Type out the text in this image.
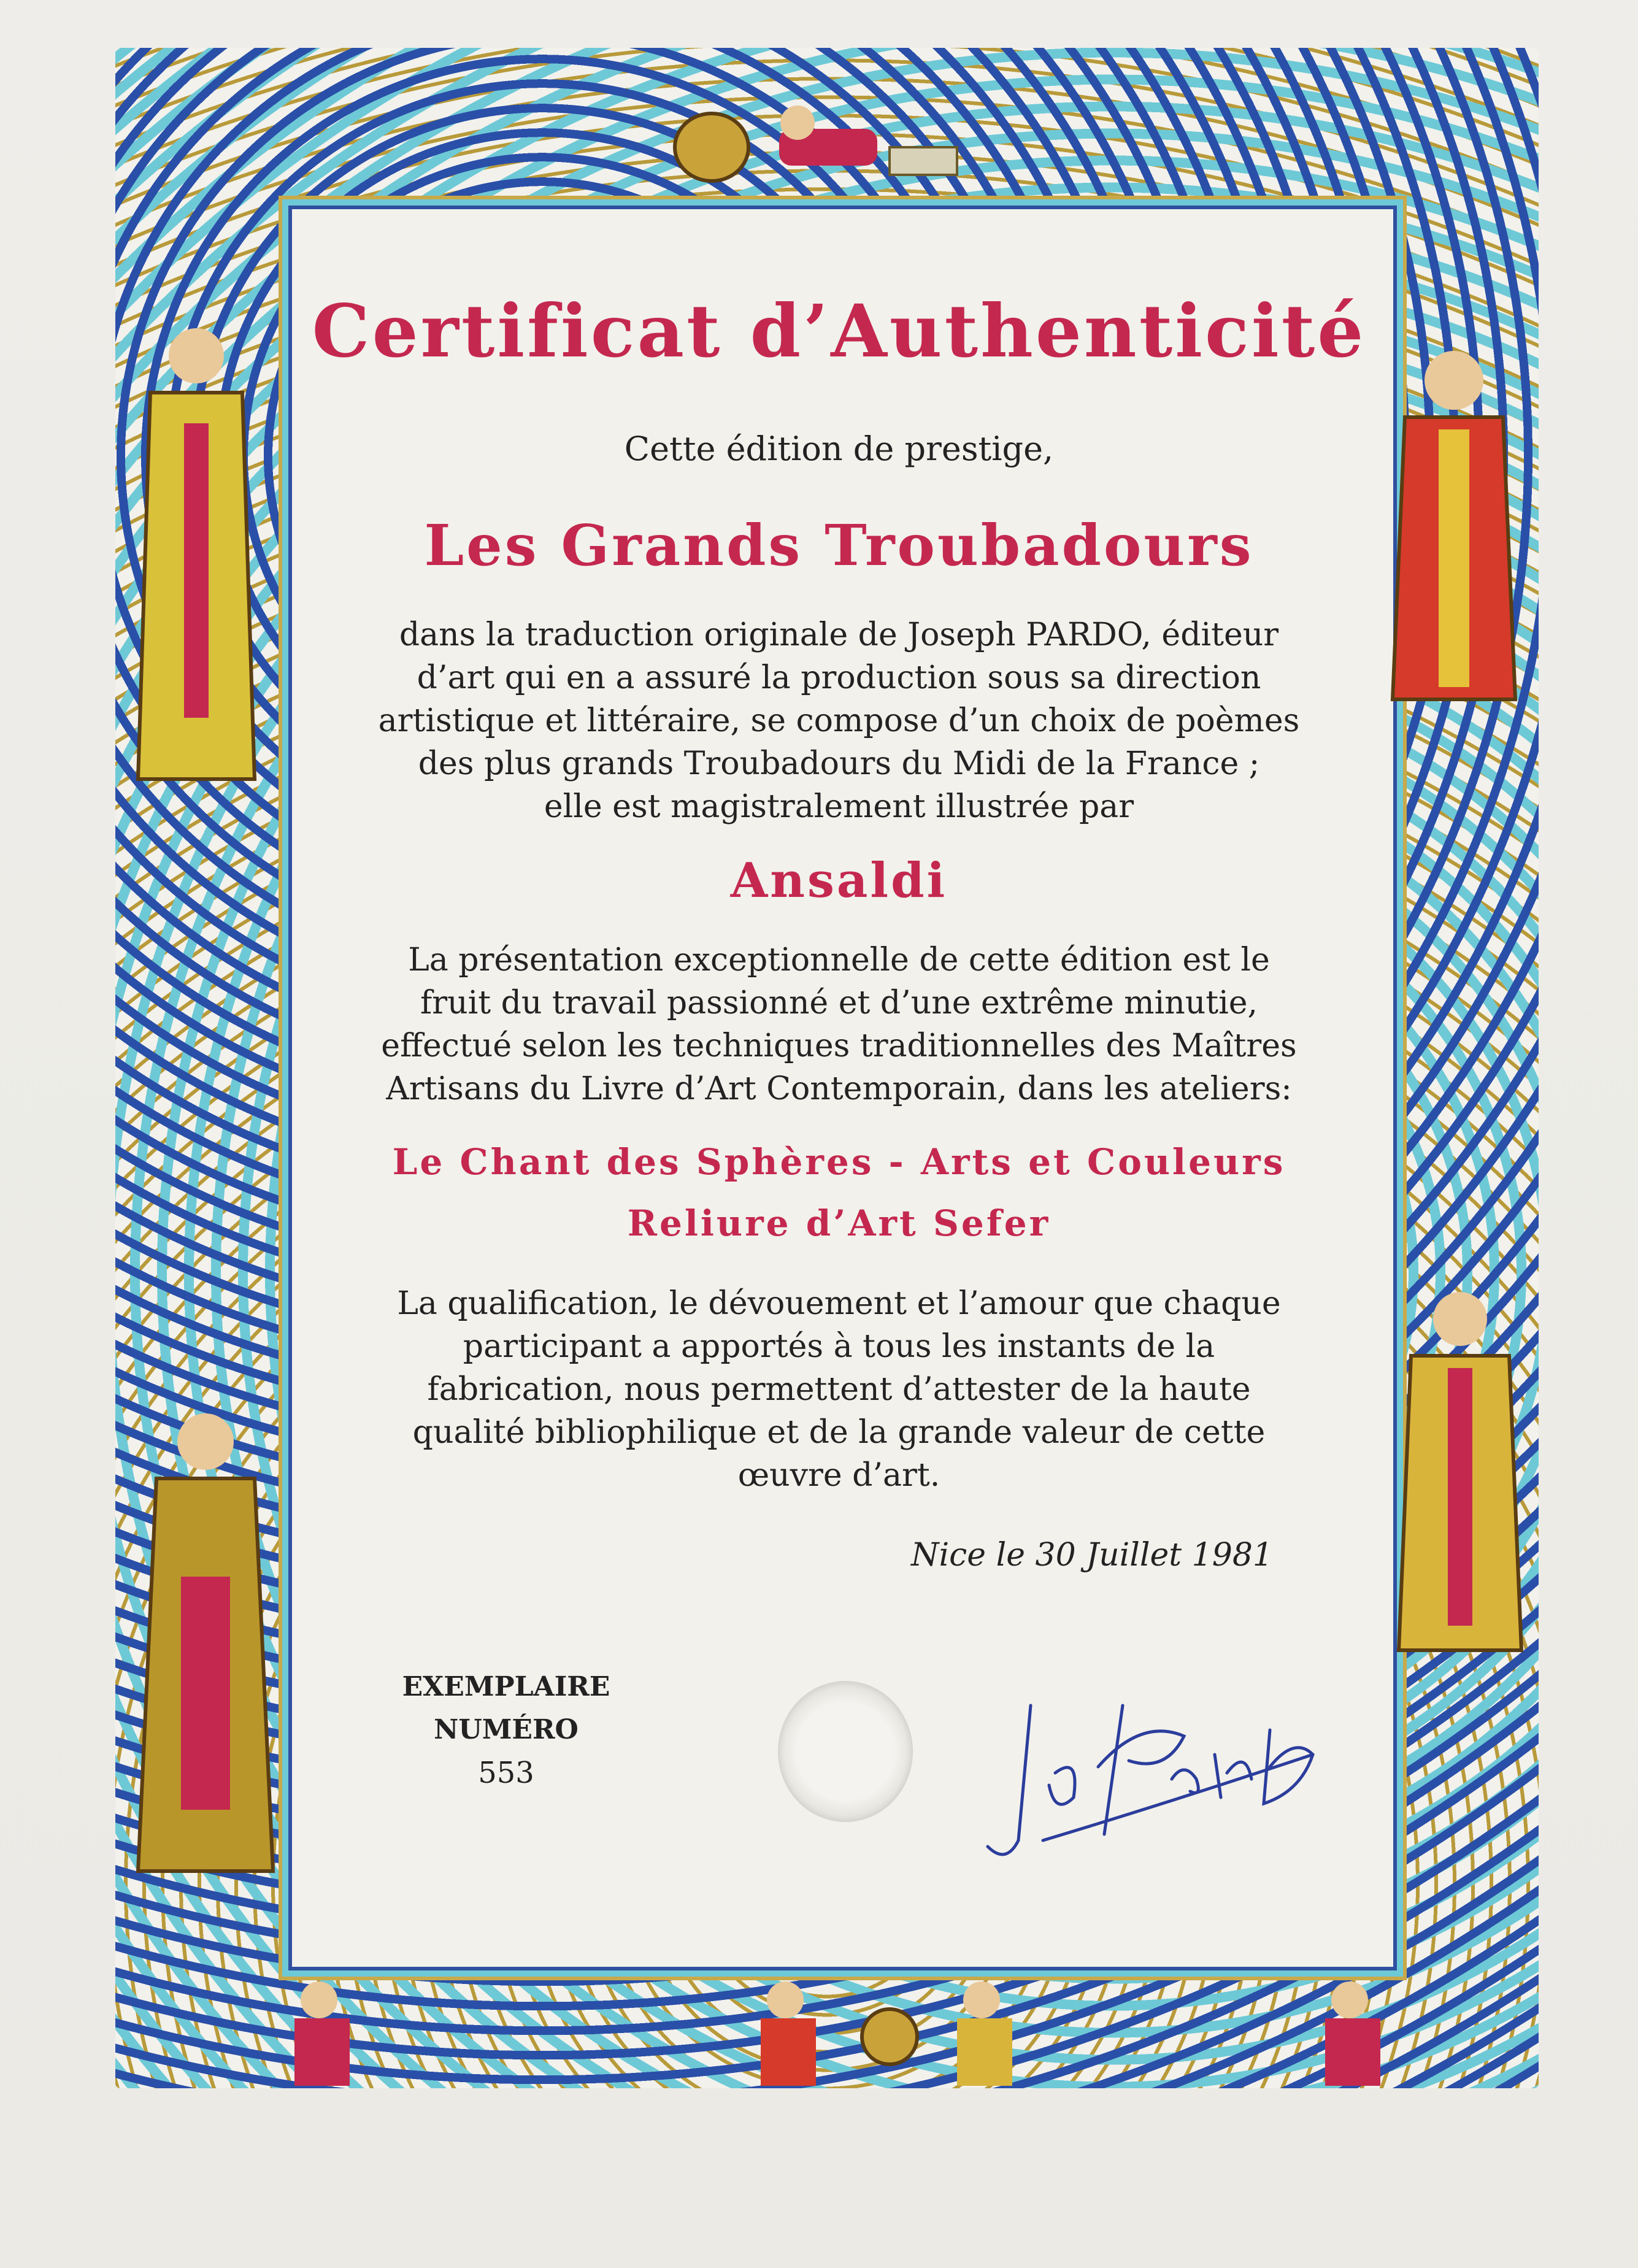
Certificat d’Authenticité
Cette édition de prestige,
Les Grands Troubadours
dans la traduction originale de Joseph PARDO, éditeur
d’art qui en a assuré la production sous sa direction
artistique et littéraire, se compose d’un choix de poèmes
des plus grands Troubadours du Midi de la France ;
elle est magistralement illustrée par
Ansaldi
La présentation exceptionnelle de cette édition est le
fruit du travail passionné et d’une extrême minutie,
effectué selon les techniques traditionnelles des Maîtres
Artisans du Livre d’Art Contemporain, dans les ateliers:
Le Chant des Sphères - Arts et Couleurs
Reliure d’Art Sefer
La qualification, le dévouement et l’amour que chaque
participant a apportés à tous les instants de la
fabrication, nous permettent d’attester de la haute
qualité bibliophilique et de la grande valeur de cette
œuvre d’art.
Nice le 30 Juillet 1981
EXEMPLAIRE
NUMÉRO
553
